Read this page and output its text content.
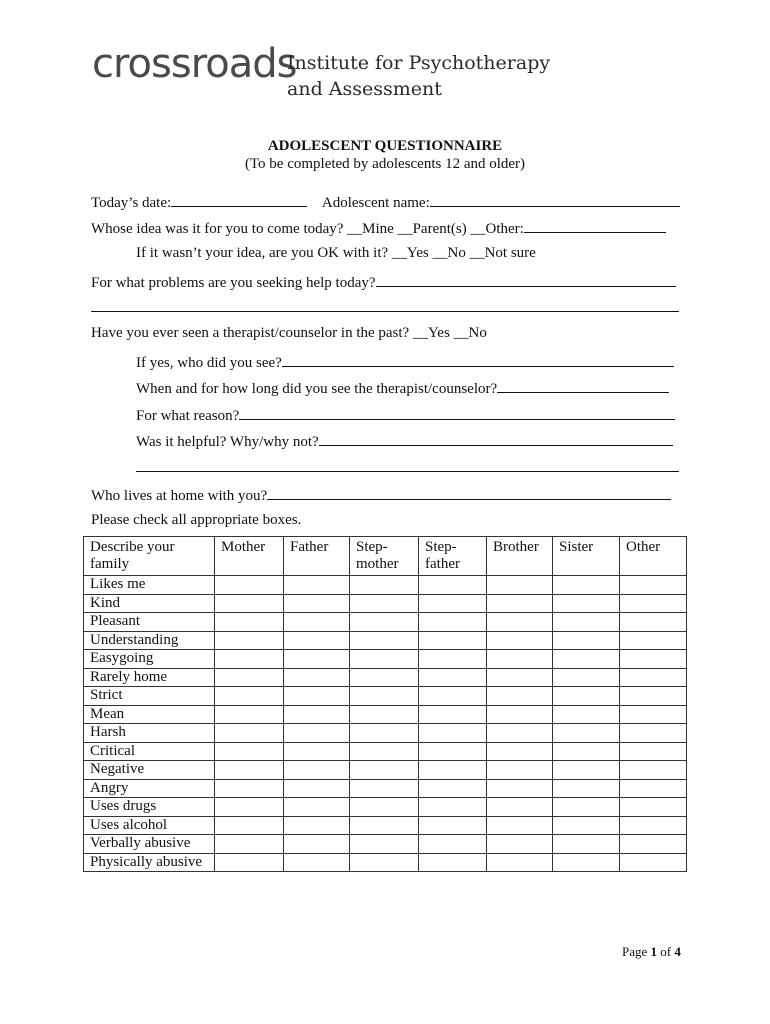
crossroads
Institute for Psychotherapy
and Assessment
ADOLESCENT QUESTIONNAIRE
(To be completed by adolescents 12 and older)
Today’s date:	Adolescent name:
Whose idea was it for you to come today? __Mine __Parent(s) __Other:
If it wasn’t your idea, are you OK with it? __Yes __No __Not sure
For what problems are you seeking help today?
Have you ever seen a therapist/counselor in the past? __Yes __No
If yes, who did you see?
When and for how long did you see the therapist/counselor?
For what reason?
Was it helpful? Why/why not?
Who lives at home with you?
Please check all appropriate boxes.
Describe your family	Mother	Father	Step-mother	Step-father	Brother	Sister	Other
Likes me							
Kind							
Pleasant							
Understanding							
Easygoing							
Rarely home							
Strict							
Mean							
Harsh							
Critical							
Negative							
Angry							
Uses drugs							
Uses alcohol							
Verbally abusive							
Physically abusive							
Page 1 of 4
